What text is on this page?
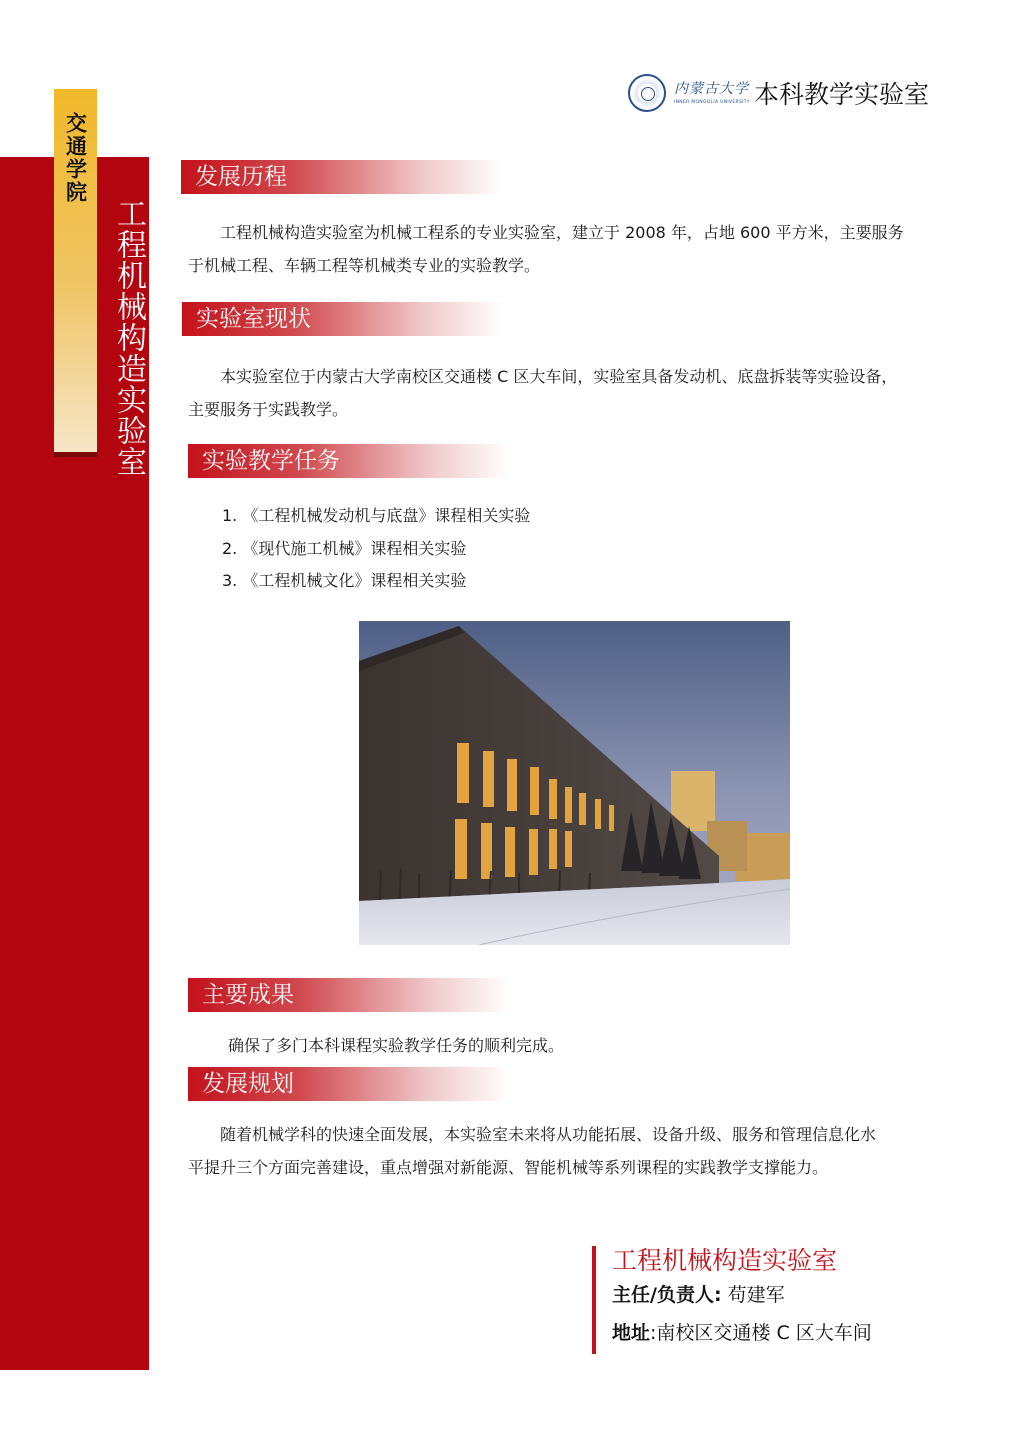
交通学院
工程机械构造实验室
内蒙古大学
INNER MONGOLIA UNIVERSITY 本科教学实验室
发展历程
工程机械构造实验室为机械工程系的专业实验室，建立于 2008 年，占地 600 平方米，主要服务于机械工程、车辆工程等机械类专业的实验教学。
实验室现状
本实验室位于内蒙古大学南校区交通楼 C 区大车间，实验室具备发动机、底盘拆装等实验设备，主要服务于实践教学。
实验教学任务
1. 《工程机械发动机与底盘》课程相关实验
2. 《现代施工机械》课程相关实验
3. 《工程机械文化》课程相关实验
主要成果
确保了多门本科课程实验教学任务的顺利完成。
发展规划
随着机械学科的快速全面发展，本实验室未来将从功能拓展、设备升级、服务和管理信息化水平提升三个方面完善建设，重点增强对新能源、智能机械等系列课程的实践教学支撑能力。
工程机械构造实验室
主任/负责人: 苟建军
地址:南校区交通楼 C 区大车间
